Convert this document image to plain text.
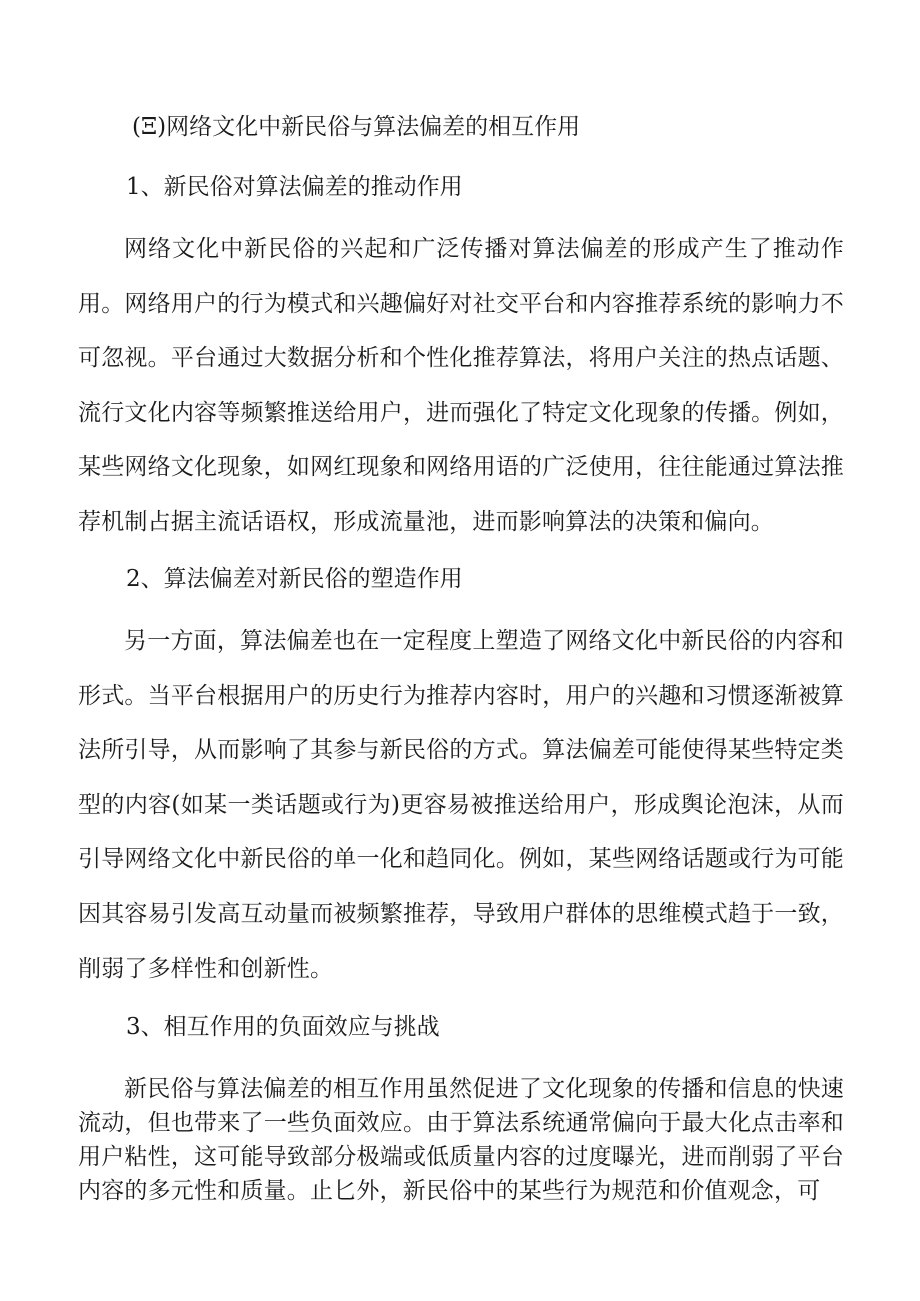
(Ξ)网络文化中新民俗与算法偏差的相互作用
1、新民俗对算法偏差的推动作用

网络文化中新民俗的兴起和广泛传播对算法偏差的形成产生了推动作用。网络用户的行为模式和兴趣偏好对社交平台和内容推荐系统的影响力不可忽视。平台通过大数据分析和个性化推荐算法，将用户关注的热点话题、流行文化内容等频繁推送给用户，进而强化了特定文化现象的传播。例如，某些网络文化现象，如网红现象和网络用语的广泛使用，往往能通过算法推荐机制占据主流话语权，形成流量池，进而影响算法的决策和偏向。

2、算法偏差对新民俗的塑造作用

另一方面，算法偏差也在一定程度上塑造了网络文化中新民俗的内容和形式。当平台根据用户的历史行为推荐内容时，用户的兴趣和习惯逐渐被算法所引导，从而影响了其参与新民俗的方式。算法偏差可能使得某些特定类型的内容(如某一类话题或行为)更容易被推送给用户，形成舆论泡沫，从而引导网络文化中新民俗的单一化和趋同化。例如，某些网络话题或行为可能因其容易引发高互动量而被频繁推荐，导致用户群体的思维模式趋于一致，削弱了多样性和创新性。

3、相互作用的负面效应与挑战

新民俗与算法偏差的相互作用虽然促进了文化现象的传播和信息的快速流动，但也带来了一些负面效应。由于算法系统通常偏向于最大化点击率和用户粘性，这可能导致部分极端或低质量内容的过度曝光，进而削弱了平台内容的多元性和质量。止匕外，新民俗中的某些行为规范和价值观念，可
